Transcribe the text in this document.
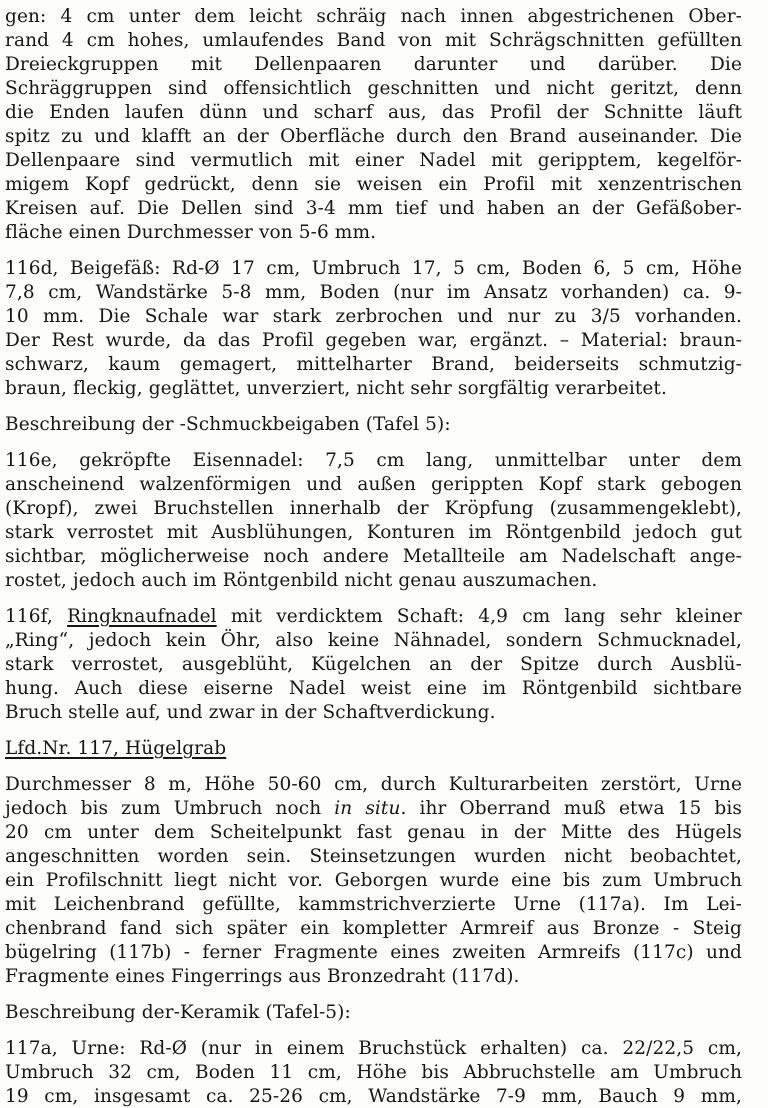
gen: 4 cm unter dem leicht schräig nach innen abgestrichenen Ober-
rand 4 cm hohes, umlaufendes Band von mit Schrägschnitten gefüllten
Dreieckgruppen mit Dellenpaaren darunter und darüber. Die
Schräggruppen sind offensichtlich geschnitten und nicht geritzt, denn
die Enden laufen dünn und scharf aus, das Profil der Schnitte läuft
spitz zu und klafft an der Oberfläche durch den Brand auseinander. Die
Dellenpaare sind vermutlich mit einer Nadel mit geripptem, kegelför-
migem Kopf gedrückt, denn sie weisen ein Profil mit xenzentrischen
Kreisen auf. Die Dellen sind 3-4 mm tief und haben an der Gefäßober-
fläche einen Durchmesser von 5-6 mm.
116d, Beigefäß: Rd-Ø 17 cm, Umbruch 17, 5 cm, Boden 6, 5 cm, Höhe
7,8 cm, Wandstärke 5-8 mm, Boden (nur im Ansatz vorhanden) ca. 9-
10 mm. Die Schale war stark zerbrochen und nur zu 3/5 vorhanden.
Der Rest wurde, da das Profil gegeben war, ergänzt. – Material: braun-
schwarz, kaum gemagert, mittelharter Brand, beiderseits schmutzig-
braun, fleckig, geglättet, unverziert, nicht sehr sorgfältig verarbeitet.
Beschreibung der -Schmuckbeigaben (Tafel 5):
116e, gekröpfte Eisennadel: 7,5 cm lang, unmittelbar unter dem
anscheinend walzenförmigen und außen gerippten Kopf stark gebogen
(Kropf), zwei Bruchstellen innerhalb der Kröpfung (zusammengeklebt),
stark verrostet mit Ausblühungen, Konturen im Röntgenbild jedoch gut
sichtbar, möglicherweise noch andere Metallteile am Nadelschaft ange-
rostet, jedoch auch im Röntgenbild nicht genau auszumachen.
116f, Ringknaufnadel mit verdicktem Schaft: 4,9 cm lang sehr kleiner
„Ring“, jedoch kein Öhr, also keine Nähnadel, sondern Schmucknadel,
stark verrostet, ausgeblüht, Kügelchen an der Spitze durch Ausblü-
hung. Auch diese eiserne Nadel weist eine im Röntgenbild sichtbare
Bruch stelle auf, und zwar in der Schaftverdickung.
Lfd.Nr. 117, Hügelgrab
Durchmesser 8 m, Höhe 50-60 cm, durch Kulturarbeiten zerstört, Urne
jedoch bis zum Umbruch noch in situ. ihr Oberrand muß etwa 15 bis
20 cm unter dem Scheitelpunkt fast genau in der Mitte des Hügels
angeschnitten worden sein. Steinsetzungen wurden nicht beobachtet,
ein Profilschnitt liegt nicht vor. Geborgen wurde eine bis zum Umbruch
mit Leichenbrand gefüllte, kammstrichverzierte Urne (117a). Im Lei-
chenbrand fand sich später ein kompletter Armreif aus Bronze - Steig
bügelring (117b) - ferner Fragmente eines zweiten Armreifs (117c) und
Fragmente eines Fingerrings aus Bronzedraht (117d).
Beschreibung der-Keramik (Tafel-5):
117a, Urne: Rd-Ø (nur in einem Bruchstück erhalten) ca. 22/22,5 cm,
Umbruch 32 cm, Boden 11 cm, Höhe bis Abbruchstelle am Umbruch
19 cm, insgesamt ca. 25-26 cm, Wandstärke 7-9 mm, Bauch 9 mm,
